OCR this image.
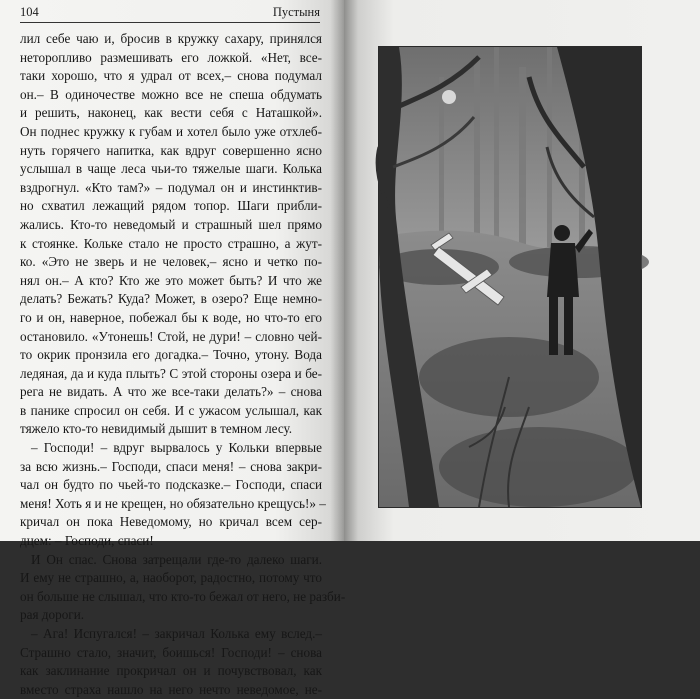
104	Пустыня
лил себе чаю и, бросив в кружку сахару, принялся
неторопливо размешивать его ложкой. «Нет, все-
таки хорошо, что я удрал от всех,– снова подумал
он.– В одиночестве можно все не спеша обдумать
и решить, наконец, как вести себя с Наташкой».
Он поднес кружку к губам и хотел было уже отхлеб-
нуть горячего напитка, как вдруг совершенно ясно
услышал в чаще леса чьи-то тяжелые шаги. Колька
вздрогнул. «Кто там?» – подумал он и инстинктив-
но схватил лежащий рядом топор. Шаги прибли-
жались. Кто-то неведомый и страшный шел прямо
к стоянке. Кольке стало не просто страшно, а жут-
ко. «Это не зверь и не человек,– ясно и четко по-
нял он.– А кто? Кто же это может быть? И что же
делать? Бежать? Куда? Может, в озеро? Еще немно-
го и он, наверное, побежал бы к воде, но что-то его
остановило. «Утонешь! Стой, не дури! – словно чей-
то окрик пронзила его догадка.– Точно, утону. Вода
ледяная, да и куда плыть? С этой стороны озера и бе-
рега не видать. А что же все-таки делать?» – снова
в панике спросил он себя. И с ужасом услышал, как
тяжело кто-то невидимый дышит в темном лесу.
– Господи! – вдруг вырвалось у Кольки впервые
за всю жизнь.– Господи, спаси меня! – снова закри-
чал он будто по чьей-то подсказке.– Господи, спаси
меня! Хоть я и не крещен, но обязательно крещусь!» –
кричал он пока Неведомому, но кричал всем сер-
дцем: – Господи, спаси!
И Он спас. Снова затрещали где-то далеко шаги.
И ему не страшно, а, наоборот, радостно, потому что
он больше не слышал, что кто-то бежал от него, не разби-
рая дороги.
– Ага! Испугался! – закричал Колька ему вслед.–
Страшно стало, значит, боишься! Господи! – снова
как заклинание прокричал он и почувствовал, как
вместо страха нашло на него нечто неведомое, не-
